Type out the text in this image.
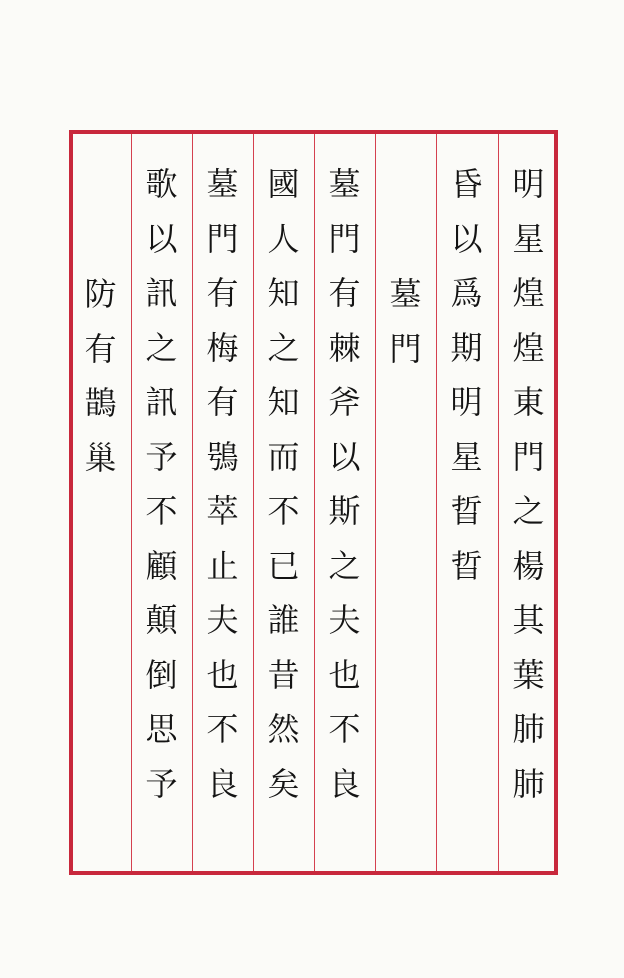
明星煌煌東門之楊其葉肺肺
昏以爲期明星晢晢
墓門
墓門有棘斧以斯之夫也不良
國人知之知而不已誰昔然矣
墓門有梅有鴞萃止夫也不良
歌以訊之訊予不顧顛倒思予
防有鵲巢
